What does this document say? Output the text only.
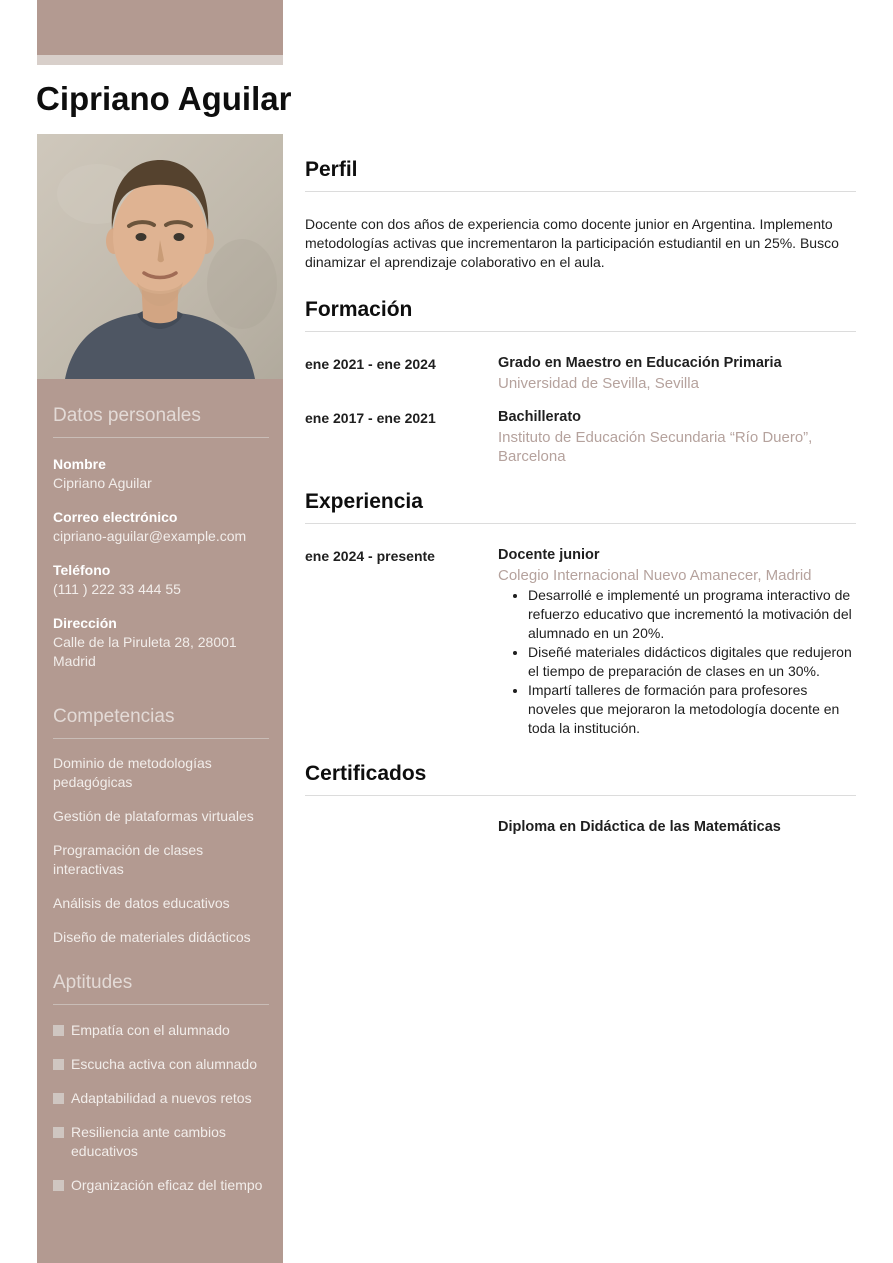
Cipriano Aguilar
Datos personales
Nombre
Cipriano Aguilar
Correo electrónico
cipriano-aguilar@example.com
Teléfono
(111 ) 222 33 444 55
Dirección
Calle de la Piruleta 28, 28001 Madrid
Competencias
Dominio de metodologías pedagógicas
Gestión de plataformas virtuales
Programación de clases interactivas
Análisis de datos educativos
Diseño de materiales didácticos
Aptitudes
Empatía con el alumnado
Escucha activa con alumnado
Adaptabilidad a nuevos retos
Resiliencia ante cambios educativos
Organización eficaz del tiempo
Perfil

Docente con dos años de experiencia como docente junior en Argentina. Implemento metodologías activas que incrementaron la participación estudiantil en un 25%. Busco dinamizar el aprendizaje colaborativo en el aula.

Formación
ene 2021 - ene 2024	Grado en Maestro en Educación Primaria
Universidad de Sevilla, Sevilla
ene 2017 - ene 2021	Bachillerato
Instituto de Educación Secundaria “Río Duero”, Barcelona
Experiencia
ene 2024 - presente	Docente junior
Colegio Internacional Nuevo Amanecer, Madrid
• Desarrollé e implementé un programa interactivo de refuerzo educativo que incrementó la motivación del alumnado en un 20%.
• Diseñé materiales didácticos digitales que redujeron el tiempo de preparación de clases en un 30%.
• Impartí talleres de formación para profesores noveles que mejoraron la metodología docente en toda la institución.
Certificados
Diploma en Didáctica de las Matemáticas
